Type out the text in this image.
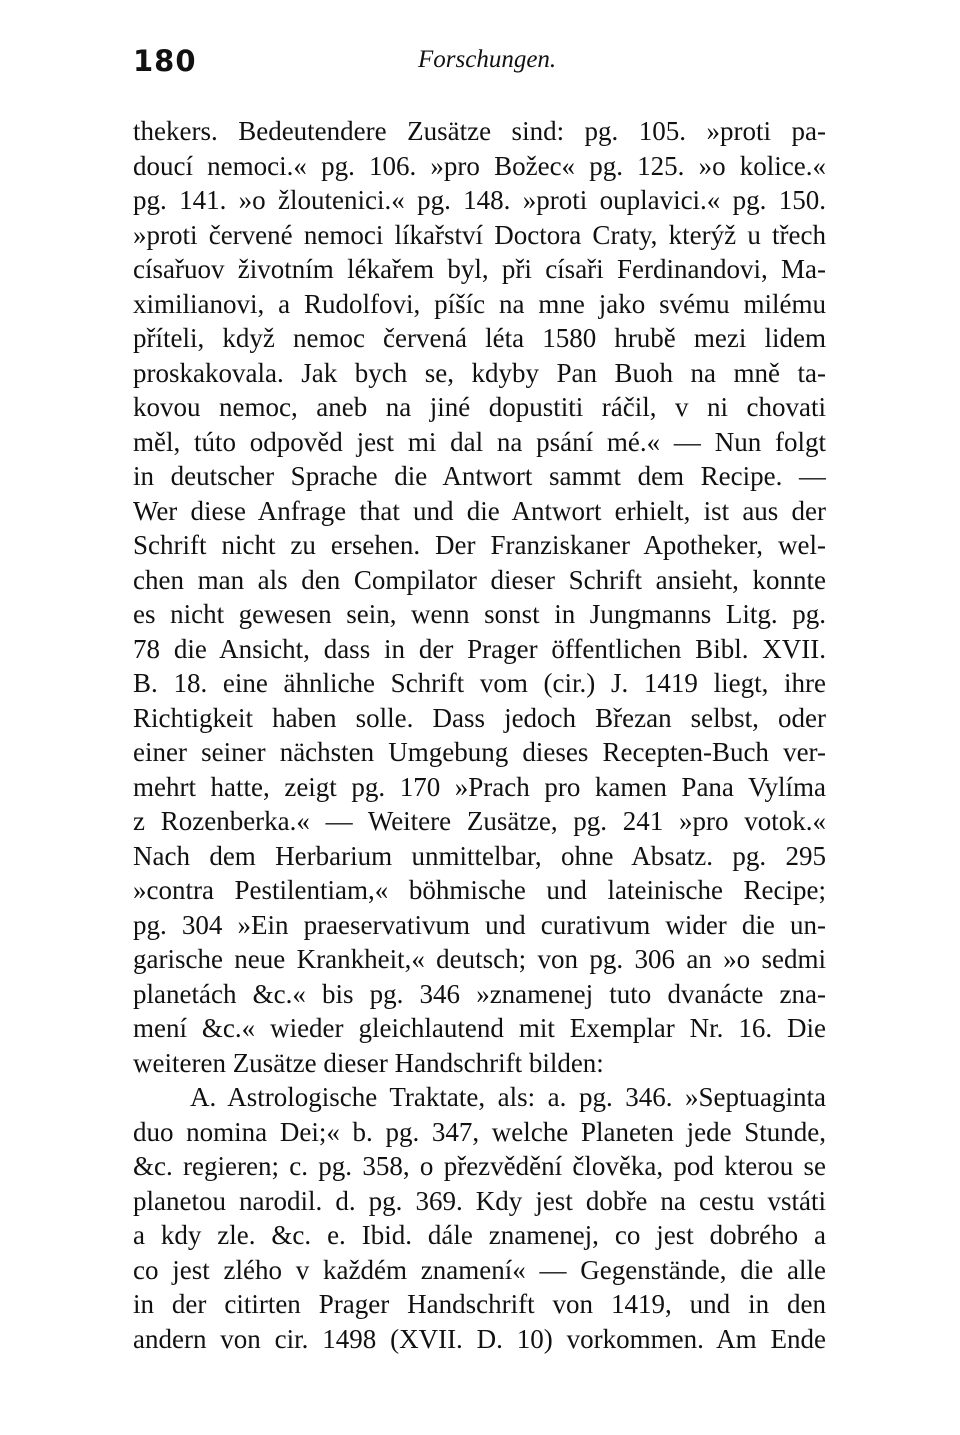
180	Forschungen.
thekers. Bedeutendere Zusätze sind: pg. 105. »proti pa-
doucí nemoci.« pg. 106. »pro Božec« pg. 125. »o kolice.«
pg. 141. »o žloutenici.« pg. 148. »proti ouplavici.« pg. 150.
»proti červené nemoci líkařství Doctora Craty, kterýž u třech
císařuov životním lékařem byl, při císaři Ferdinandovi, Ma-
ximilianovi, a Rudolfovi, píšíc na mne jako svému milému
příteli, když nemoc červená léta 1580 hrubě mezi lidem
proskakovala. Jak bych se, kdyby Pan Buoh na mně ta-
kovou nemoc, aneb na jiné dopustiti ráčil, v ni chovati
měl, túto odpověd jest mi dal na psání mé.« — Nun folgt
in deutscher Sprache die Antwort sammt dem Recipe. —
Wer diese Anfrage that und die Antwort erhielt, ist aus der
Schrift nicht zu ersehen. Der Franziskaner Apotheker, wel-
chen man als den Compilator dieser Schrift ansieht, konnte
es nicht gewesen sein, wenn sonst in Jungmanns Litg. pg.
78 die Ansicht, dass in der Prager öffentlichen Bibl. XVII.
B. 18. eine ähnliche Schrift vom (cir.) J. 1419 liegt, ihre
Richtigkeit haben solle. Dass jedoch Březan selbst, oder
einer seiner nächsten Umgebung dieses Recepten-Buch ver-
mehrt hatte, zeigt pg. 170 »Prach pro kamen Pana Vylíma
z Rozenberka.« — Weitere Zusätze, pg. 241 »pro votok.«
Nach dem Herbarium unmittelbar, ohne Absatz. pg. 295
»contra Pestilentiam,« böhmische und lateinische Recipe;
pg. 304 »Ein praeservativum und curativum wider die un-
garische neue Krankheit,« deutsch; von pg. 306 an »o sedmi
planetách &c.« bis pg. 346 »znamenej tuto dvanácte zna-
mení &c.« wieder gleichlautend mit Exemplar Nr. 16. Die
weiteren Zusätze dieser Handschrift bilden:
A. Astrologische Traktate, als: a. pg. 346. »Septuaginta
duo nomina Dei;« b. pg. 347, welche Planeten jede Stunde,
&c. regieren; c. pg. 358, o přezvědění člověka, pod kterou se
planetou narodil. d. pg. 369. Kdy jest dobře na cestu vstáti
a kdy zle. &c. e. Ibid. dále znamenej, co jest dobrého a
co jest zlého v každém znamení« — Gegenstände, die alle
in der citirten Prager Handschrift von 1419, und in den
andern von cir. 1498 (XVII. D. 10) vorkommen. Am Ende
